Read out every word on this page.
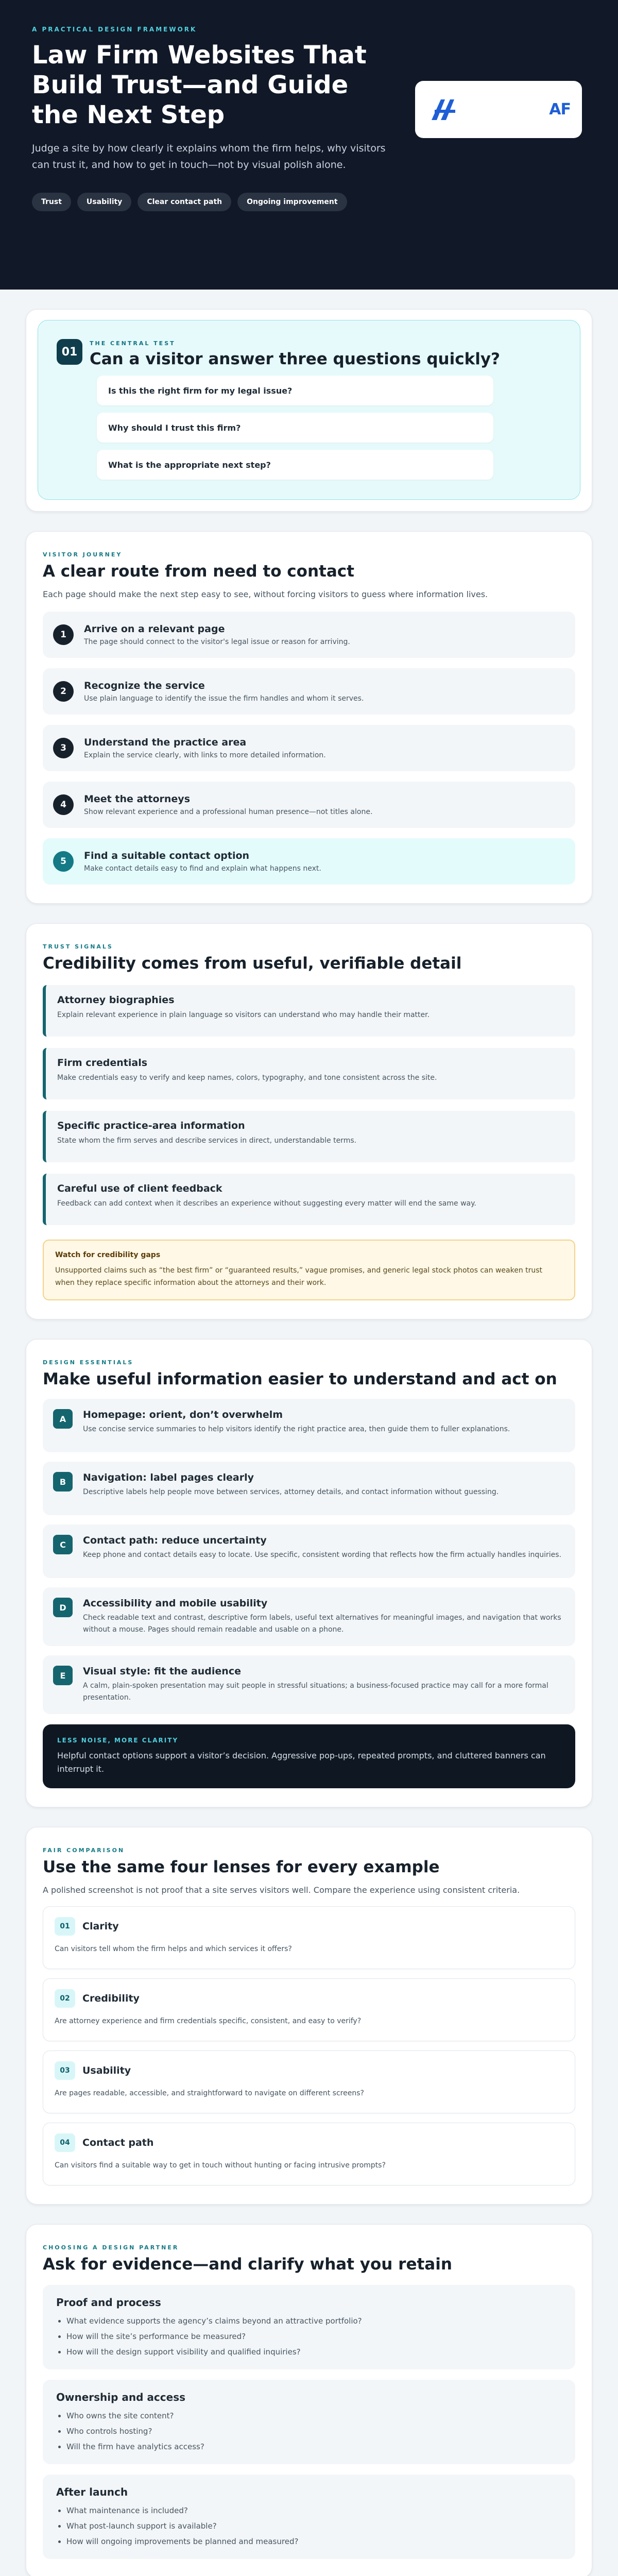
A PRACTICAL DESIGN FRAMEWORK
Law Firm Websites That Build Trust—and Guide the Next Step

Judge a site by how clearly it explains whom the firm helps, why visitors can trust it, and how to get in touch—not by visual polish alone.

Trust	Usability	Clear contact path	Ongoing improvement
AF
01
THE CENTRAL TEST
Can a visitor answer three questions quickly?
Is this the right firm for my legal issue?
Why should I trust this firm?
What is the appropriate next step?
VISITOR JOURNEY
A clear route from need to contact

Each page should make the next step easy to see, without forcing visitors to guess where information lives.

1	Arrive on a relevant page

The page should connect to the visitor's legal issue or reason for arriving.

2	Recognize the service

Use plain language to identify the issue the firm handles and whom it serves.

3	Understand the practice area

Explain the service clearly, with links to more detailed information.

4	Meet the attorneys

Show relevant experience and a professional human presence—not titles alone.

5	Find a suitable contact option

Make contact details easy to find and explain what happens next.

TRUST SIGNALS
Credibility comes from useful, verifiable detail
Attorney biographies

Explain relevant experience in plain language so visitors can understand who may handle their matter.

Firm credentials

Make credentials easy to verify and keep names, colors, typography, and tone consistent across the site.

Specific practice-area information

State whom the firm serves and describe services in direct, understandable terms.

Careful use of client feedback

Feedback can add context when it describes an experience without suggesting every matter will end the same way.

Watch for credibility gaps

Unsupported claims such as “the best firm” or “guaranteed results,” vague promises, and generic legal stock photos can weaken trust when they replace specific information about the attorneys and their work.

DESIGN ESSENTIALS
Make useful information easier to understand and act on
A	Homepage: orient, don’t overwhelm

Use concise service summaries to help visitors identify the right practice area, then guide them to fuller explanations.

B	Navigation: label pages clearly

Descriptive labels help people move between services, attorney details, and contact information without guessing.

C	Contact path: reduce uncertainty

Keep phone and contact details easy to locate. Use specific, consistent wording that reflects how the firm actually handles inquiries.

D	Accessibility and mobile usability

Check readable text and contrast, descriptive form labels, useful text alternatives for meaningful images, and navigation that works without a mouse. Pages should remain readable and usable on a phone.

E	Visual style: fit the audience

A calm, plain-spoken presentation may suit people in stressful situations; a business-focused practice may call for a more formal presentation.

LESS NOISE, MORE CLARITY

Helpful contact options support a visitor’s decision. Aggressive pop-ups, repeated prompts, and cluttered banners can interrupt it.

FAIR COMPARISON
Use the same four lenses for every example

A polished screenshot is not proof that a site serves visitors well. Compare the experience using consistent criteria.

01	Clarity

Can visitors tell whom the firm helps and which services it offers?

02	Credibility

Are attorney experience and firm credentials specific, consistent, and easy to verify?

03	Usability

Are pages readable, accessible, and straightforward to navigate on different screens?

04	Contact path

Can visitors find a suitable way to get in touch without hunting or facing intrusive prompts?

CHOOSING A DESIGN PARTNER
Ask for evidence—and clarify what you retain
Proof and process
• What evidence supports the agency’s claims beyond an attractive portfolio?
• How will the site’s performance be measured?
• How will the design support visibility and qualified inquiries?
Ownership and access
• Who owns the site content?
• Who controls hosting?
• Will the firm have analytics access?
After launch
• What maintenance is included?
• What post-launch support is available?
• How will ongoing improvements be planned and measured?
